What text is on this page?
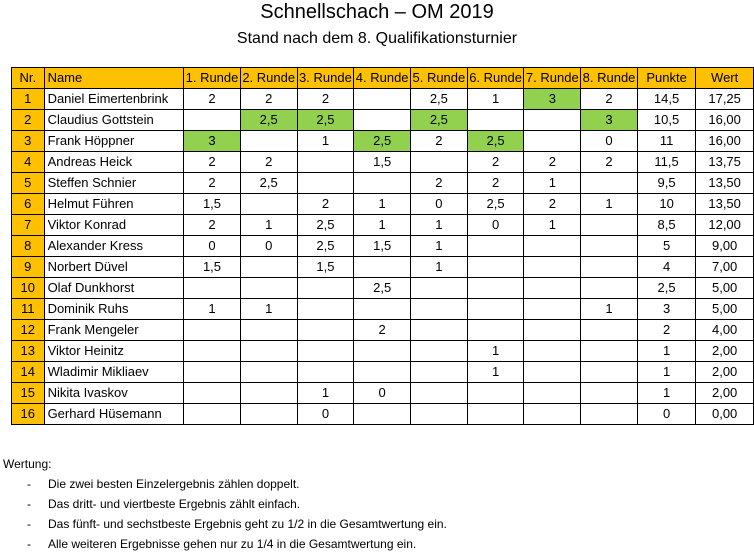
Schnellschach – OM 2019
Stand nach dem 8. Qualifikationsturnier
Nr.	Name	1. Runde	2. Runde	3. Runde	4. Runde	5. Runde	6. Runde	7. Runde	8. Runde	Punkte	Wert
1	Daniel Eimertenbrink	2	2	2		2,5	1	3	2	14,5	17,25
2	Claudius Gottstein		2,5	2,5		2,5			3	10,5	16,00
3	Frank Höppner	3		1	2,5	2	2,5		0	11	16,00
4	Andreas Heick	2	2		1,5		2	2	2	11,5	13,75
5	Steffen Schnier	2	2,5			2	2	1		9,5	13,50
6	Helmut Führen	1,5		2	1	0	2,5	2	1	10	13,50
7	Viktor Konrad	2	1	2,5	1	1	0	1		8,5	12,00
8	Alexander Kress	0	0	2,5	1,5	1				5	9,00
9	Norbert Düvel	1,5		1,5		1				4	7,00
10	Olaf Dunkhorst				2,5					2,5	5,00
11	Dominik Ruhs	1	1						1	3	5,00
12	Frank Mengeler				2					2	4,00
13	Viktor Heinitz						1			1	2,00
14	Wladimir Mikliaev						1			1	2,00
15	Nikita Ivaskov			1	0					1	2,00
16	Gerhard Hüsemann			0						0	0,00
Wertung:
- Die zwei besten Einzelergebnis zählen doppelt.
- Das dritt- und viertbeste Ergebnis zählt einfach.
- Das fünft- und sechstbeste Ergebnis geht zu 1/2 in die Gesamtwertung ein.
- Alle weiteren Ergebnisse gehen nur zu 1/4 in die Gesamtwertung ein.
